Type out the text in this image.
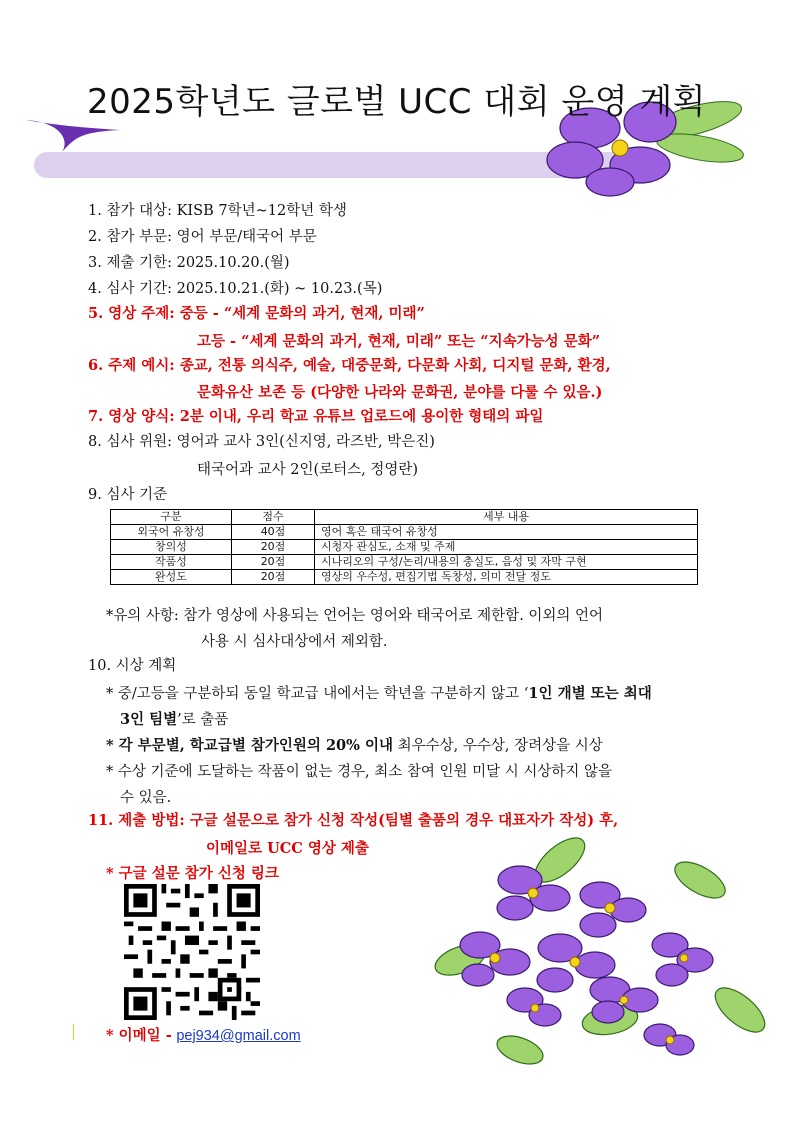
2025학년도 글로벌 UCC 대회 운영 계획
1. 참가 대상: KISB 7학년~12학년 학생
2. 참가 부문: 영어 부문/태국어 부문
3. 제출 기한: 2025.10.20.(월)
4. 심사 기간: 2025.10.21.(화) ~ 10.23.(목)
5. 영상 주제: 중등 - “세계 문화의 과거, 현재, 미래”
고등 - “세계 문화의 과거, 현재, 미래” 또는 “지속가능성 문화”
6. 주제 예시: 종교, 전통 의식주, 예술, 대중문화, 다문화 사회, 디지털 문화, 환경,
문화유산 보존 등 (다양한 나라와 문화권, 분야를 다룰 수 있음.)
7. 영상 양식: 2분 이내, 우리 학교 유튜브 업로드에 용이한 형태의 파일
8. 심사 위원: 영어과 교사 3인(신지영, 라즈반, 박은진)
태국어과 교사 2인(로터스, 정영란)
9. 심사 기준
구분	점수	세부 내용
외국어 유창성	40점	영어 혹은 태국어 유창성
창의성	20점	시청자 관심도, 소재 및 주제
작품성	20점	시나리오의 구성/논리/내용의 충실도, 음성 및 자막 구현
완성도	20점	영상의 우수성, 편집기법 독창성, 의미 전달 정도
*유의 사항: 참가 영상에 사용되는 언어는 영어와 태국어로 제한함. 이외의 언어
사용 시 심사대상에서 제외함.
10. 시상 계획
* 중/고등을 구분하되 동일 학교급 내에서는 학년을 구분하지 않고 ‘1인 개별 또는 최대
3인 팀별’로 출품
* 각 부문별, 학교급별 참가인원의 20% 이내 최우수상, 우수상, 장려상을 시상
* 수상 기준에 도달하는 작품이 없는 경우, 최소 참여 인원 미달 시 시상하지 않을
수 있음.
11. 제출 방법: 구글 설문으로 참가 신청 작성(팀별 출품의 경우 대표자가 작성) 후,
이메일로 UCC 영상 제출
* 구글 설문 참가 신청 링크
* 이메일 - pej934@gmail.com
